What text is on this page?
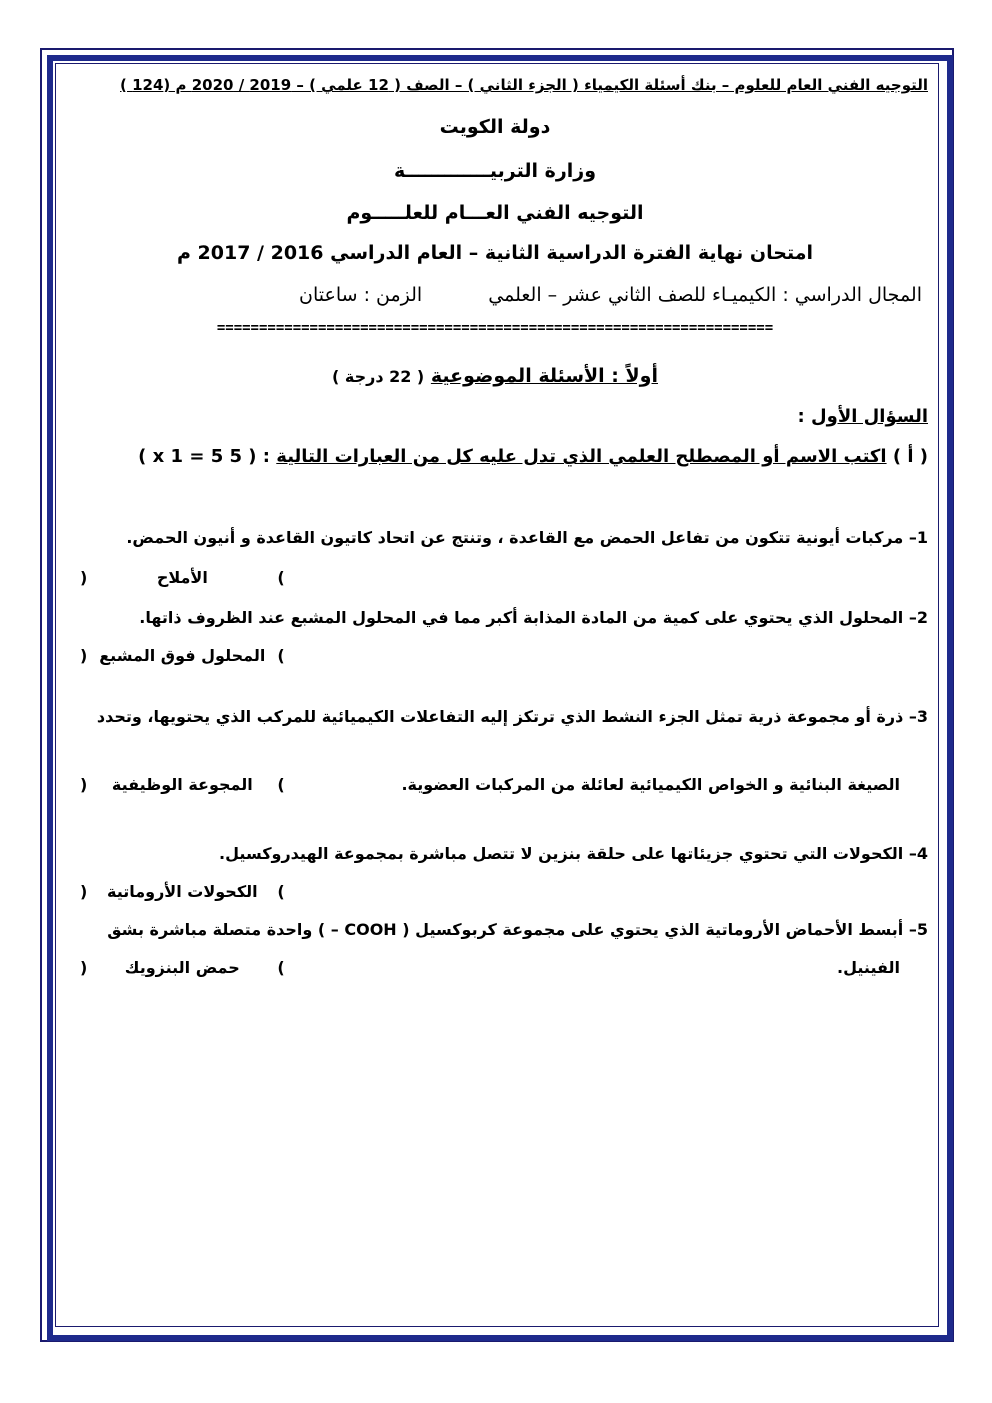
التوجيه الفني العام للعلوم – بنك أسئلة الكيمياء ( الجزء الثاني ) – الصف ( 12 علمي ) – 2019 / 2020 م (124 )
دولة الكويت
وزارة التربيـــــــــــــة
التوجيه الفني العـــام للعلـــــوم
امتحان نهاية الفترة الدراسية الثانية – العام الدراسي 2016 / 2017 م
المجال الدراسي : الكيميـاء للصف الثاني عشر – العلمي الزمن : ساعتان
==================================================================
أولاً : الأسئلة الموضوعية ( 22 درجة )
السؤال الأول :
( أ ) اكتب الاسم أو المصطلح العلمي الذي تدل عليه كل من العبارات التالية : ( 5 x 1 = 5 )
1– مركبات أيونية تتكون من تفاعل الحمض مع القاعدة ، وتنتج عن اتحاد كاتيون القاعدة و أنيون الحمض.
)	الأملاح	(
2– المحلول الذي يحتوي على كمية من المادة المذابة أكبر مما في المحلول المشبع عند الظروف ذاتها.
) المحلول فوق المشبع (
3– ذرة أو مجموعة ذرية تمثل الجزء النشط الذي ترتكز إليه التفاعلات الكيميائية للمركب الذي يحتويها، وتحدد
الصيغة البنائية و الخواص الكيميائية لعائلة من المركبات العضوية.
) المجوعة الوظيفية (
4– الكحولات التي تحتوي جزيئاتها على حلقة بنزين لا تتصل مباشرة بمجموعة الهيدروكسيل.
) الكحولات الأروماتية (
5– أبسط الأحماض الأروماتية الذي يحتوي على مجموعة كربوكسيل ( COOH – ) واحدة متصلة مباشرة بشق
الفينيل.
) حمض البنزويك (
